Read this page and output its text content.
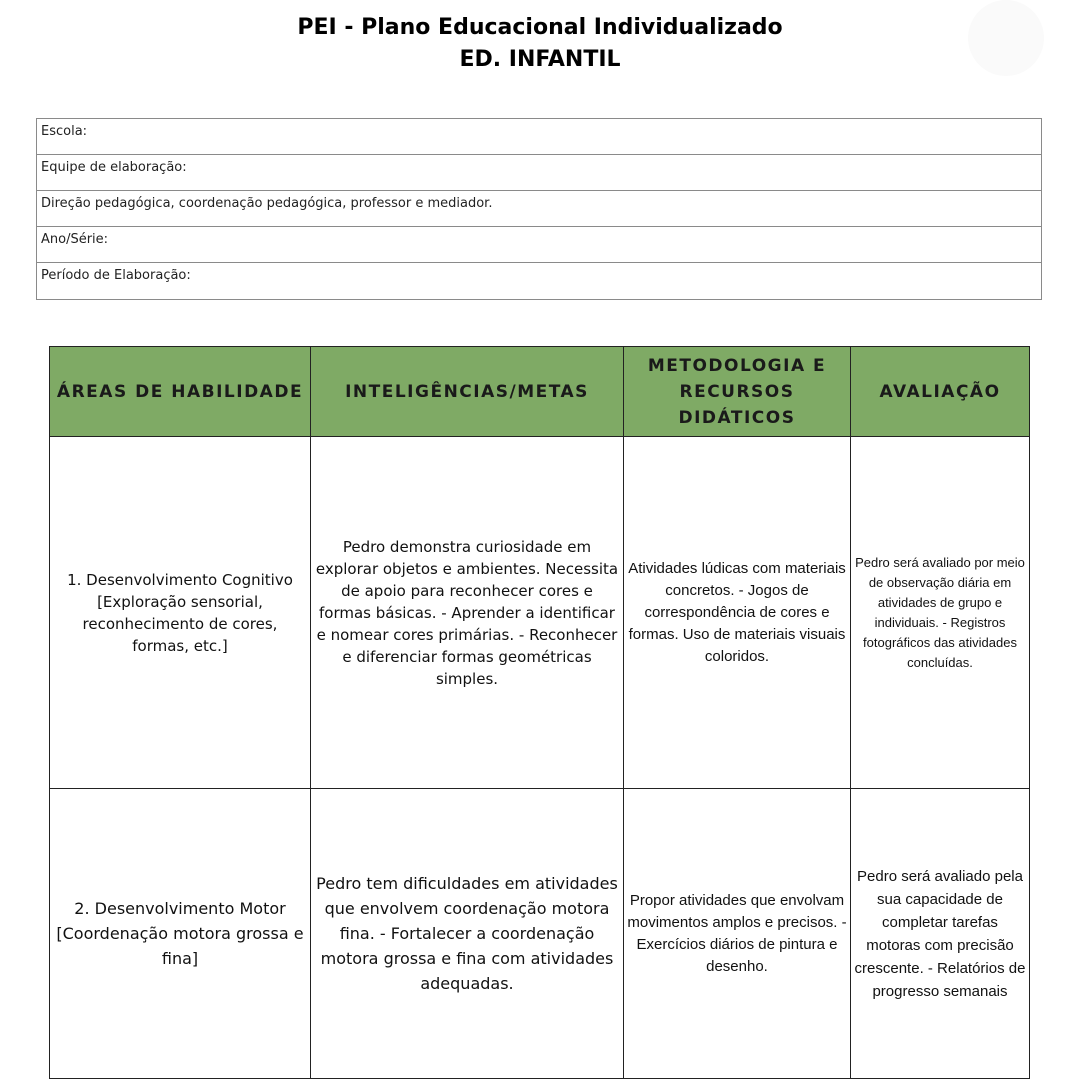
PEI - Plano Educacional Individualizado
ED. INFANTIL
Escola:
Equipe de elaboração:
Direção pedagógica, coordenação pedagógica, professor e mediador.
Ano/Série:
Período de Elaboração:
ÁREAS DE HABILIDADE	INTELIGÊNCIAS/METAS	METODOLOGIA E RECURSOS DIDÁTICOS	AVALIAÇÃO
1. Desenvolvimento Cognitivo [Exploração sensorial, reconhecimento de cores, formas, etc.]	Pedro demonstra curiosidade em explorar objetos e ambientes. Necessita de apoio para reconhecer cores e formas básicas. - Aprender a identificar e nomear cores primárias. - Reconhecer e diferenciar formas geométricas simples.	Atividades lúdicas com materiais concretos. - Jogos de correspondência de cores e formas. Uso de materiais visuais coloridos.	Pedro será avaliado por meio de observação diária em atividades de grupo e individuais. - Registros fotográficos das atividades concluídas.
2. Desenvolvimento Motor [Coordenação motora grossa e fina]	Pedro tem dificuldades em atividades que envolvem coordenação motora fina. - Fortalecer a coordenação motora grossa e fina com atividades adequadas.	Propor atividades que envolvam movimentos amplos e precisos. - Exercícios diários de pintura e desenho.	Pedro será avaliado pela sua capacidade de completar tarefas motoras com precisão crescente. - Relatórios de progresso semanais
